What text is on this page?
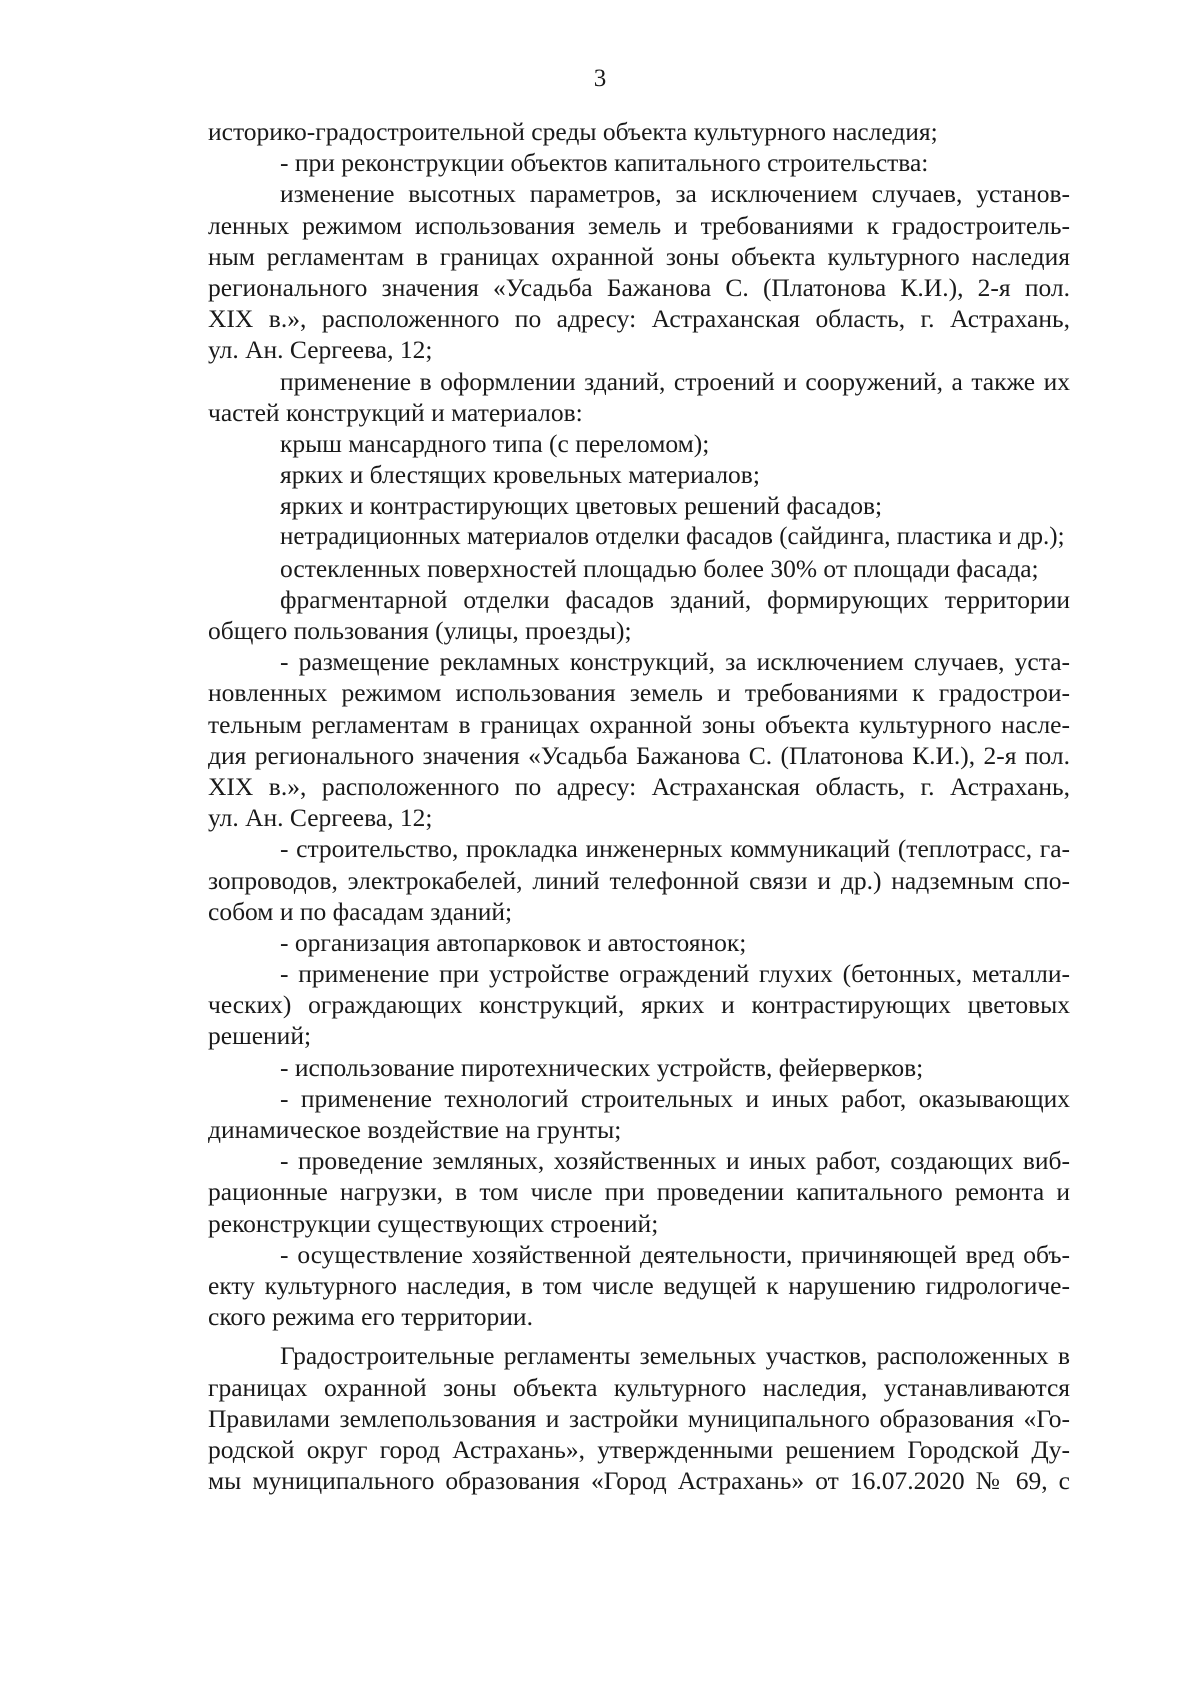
3
историко-градостроительной среды объекта культурного наследия;
- при реконструкции объектов капитального строительства:
изменение высотных параметров, за исключением случаев, установ-
ленных режимом использования земель и требованиями к градостроитель-
ным регламентам в границах охранной зоны объекта культурного наследия
регионального значения «Усадьба Бажанова С. (Платонова К.И.), 2-я пол.
XIX в.», расположенного по адресу: Астраханская область, г. Астрахань,
ул. Ан. Сергеева, 12;
применение в оформлении зданий, строений и сооружений, а также их
частей конструкций и материалов:
крыш мансардного типа (с переломом);
ярких и блестящих кровельных материалов;
ярких и контрастирующих цветовых решений фасадов;
нетрадиционных материалов отделки фасадов (сайдинга, пластика и др.);
остекленных поверхностей площадью более 30% от площади фасада;
фрагментарной отделки фасадов зданий, формирующих территории
общего пользования (улицы, проезды);
- размещение рекламных конструкций, за исключением случаев, уста-
новленных режимом использования земель и требованиями к градострои-
тельным регламентам в границах охранной зоны объекта культурного насле-
дия регионального значения «Усадьба Бажанова С. (Платонова К.И.), 2-я пол.
XIX в.», расположенного по адресу: Астраханская область, г. Астрахань,
ул. Ан. Сергеева, 12;
- строительство, прокладка инженерных коммуникаций (теплотрасс, га-
зопроводов, электрокабелей, линий телефонной связи и др.) надземным спо-
собом и по фасадам зданий;
- организация автопарковок и автостоянок;
- применение при устройстве ограждений глухих (бетонных, металли-
ческих) ограждающих конструкций, ярких и контрастирующих цветовых
решений;
- использование пиротехнических устройств, фейерверков;
- применение технологий строительных и иных работ, оказывающих
динамическое воздействие на грунты;
- проведение земляных, хозяйственных и иных работ, создающих виб-
рационные нагрузки, в том числе при проведении капитального ремонта и
реконструкции существующих строений;
- осуществление хозяйственной деятельности, причиняющей вред объ-
екту культурного наследия, в том числе ведущей к нарушению гидрологиче-
ского режима его территории.
Градостроительные регламенты земельных участков, расположенных в
границах охранной зоны объекта культурного наследия, устанавливаются
Правилами землепользования и застройки муниципального образования «Го-
родской округ город Астрахань», утвержденными решением Городской Ду-
мы муниципального образования «Город Астрахань» от 16.07.2020 № 69, с
